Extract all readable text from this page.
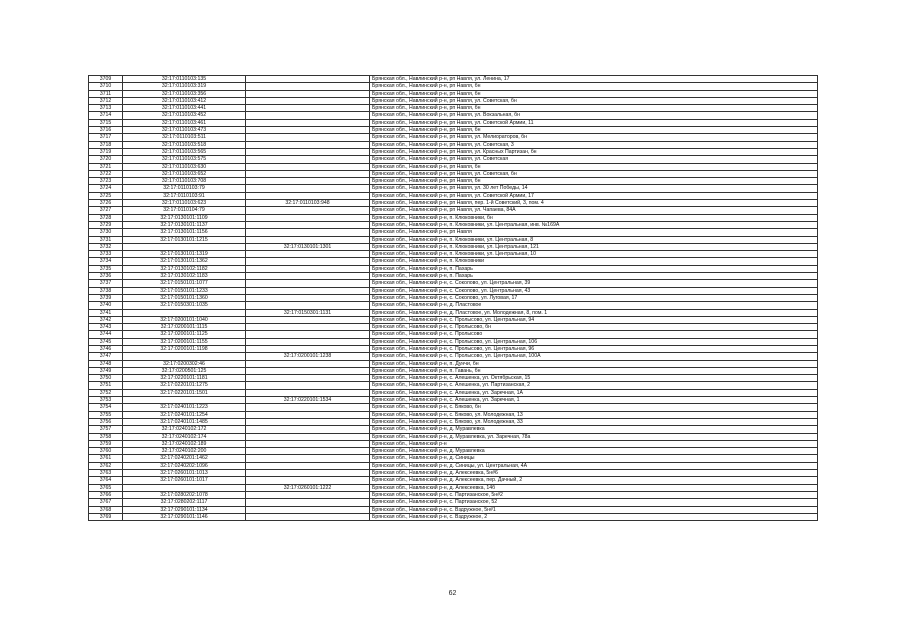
3709	32:17:0110103:135		Брянская обл., Навлинский р-н, рп Навля, ул. Ленина, 17
3710	32:17:0110103:319		Брянская обл., Навлинский р-н, рп Навля, бн
3711	32:17:0110103:356		Брянская обл., Навлинский р-н, рп Навля, бн
3712	32:17:0110103:412		Брянская обл., Навлинский р-н, рп Навля, ул. Советская, бн
3713	32:17:0110103:441		Брянская обл., Навлинский р-н, рп Навля, бн
3714	32:17:0110103:452		Брянская обл., Навлинский р-н, рп Навля, ул. Вокзальная, бн
3715	32:17:0110103:461		Брянская обл., Навлинский р-н, рп Навля, ул. Советской Армии, 11
3716	32:17:0110103:473		Брянская обл., Навлинский р-н, рп Навля, бн
3717	32:17:0110103:511		Брянская обл., Навлинский р-н, рп Навля, ул. Мелиораторов, бн
3718	32:17:0110103:518		Брянская обл., Навлинский р-н, рп Навля, ул. Советская, 3
3719	32:17:0110103:565		Брянская обл., Навлинский р-н, рп Навля, ул. Красных Партизан, бн
3720	32:17:0110103:575		Брянская обл., Навлинский р-н, рп Навля, ул. Советская
3721	32:17:0110103:630		Брянская обл., Навлинский р-н, рп Навля, бн
3722	32:17:0110103:652		Брянская обл., Навлинский р-н, рп Навля, ул. Советская, бн
3723	32:17:0110103:708		Брянская обл., Навлинский р-н, рп Навля, бн
3724	32:17:0110103:79		Брянская обл., Навлинский р-н, рп Навля, ул. 30 лет Победы, 14
3725	32:17:0110103:91		Брянская обл., Навлинский р-н, рп Навля, ул. Советской Армии, 17
3726	32:17:0110103:623	32:17:0110103:948	Брянская обл., Навлинский р-н, рп Навля, пер. 1-й Советский, 3, пом. 4
3727	32:17:0110104:79		Брянская обл., Навлинский р-н, рп Навля, ул. Чапаева, 84А
3728	32:17:0130101:1109		Брянская обл., Навлинский р-н, п. Клюковники, бн
3729	32:17:0130101:1137		Брянская обл., Навлинский р-н, п. Клюковники, ул. Центральная, инв. №169А
3730	32:17:0130101:1156		Брянская обл., Навлинский р-н, рп Навля
3731	32:17:0130101:1215		Брянская обл., Навлинский р-н, п. Клюковники, ул. Центральная, 8
3732		32:17:0130101:1301	Брянская обл., Навлинский р-н, п. Клюковники, ул. Центральная, 121
3733	32:17:0130101:1319		Брянская обл., Навлинский р-н, п. Клюковники, ул. Центральная, 10
3734	32:17:0130101:1362		Брянская обл., Навлинский р-н, п. Клюковники
3735	32:17:0130102:1182		Брянская обл., Навлинский р-н, п. Пахарь
3736	32:17:0130102:1183		Брянская обл., Навлинский р-н, п. Пахарь
3737	32:17:0150101:1077		Брянская обл., Навлинский р-н, с. Соколово, ул. Центральная, 39
3738	32:17:0150101:1233		Брянская обл., Навлинский р-н, с. Соколово, ул. Центральная, 43
3739	32:17:0150101:1360		Брянская обл., Навлинский р-н, с. Соколово, ул. Луговая, 17
3740	32:17:0150301:1035		Брянская обл., Навлинский р-н, д. Пластовое
3741		32:17:0150301:1131	Брянская обл., Навлинский р-н, д. Пластовое, ул. Молодежная, 8, пом. 1
3742	32:17:0200101:1040		Брянская обл., Навлинский р-н, с. Пролысово, ул. Центральная, 94
3743	32:17:0200101:1115		Брянская обл., Навлинский р-н, с. Пролысово, бн
3744	32:17:0200101:1125		Брянская обл., Навлинский р-н, с. Пролысово
3745	32:17:0200101:1155		Брянская обл., Навлинский р-н, с. Пролысово, ул. Центральная, 106
3746	32:17:0200101:1198		Брянская обл., Навлинский р-н, с. Пролысово, ул. Центральная, 96
3747		32:17:0200101:1238	Брянская обл., Навлинский р-н, с. Пролысово, ул. Центральная, 100А
3748	32:17:0200302:46		Брянская обл., Навлинский р-н, п. Дунчи, бн
3749	32:17:0200501:125		Брянская обл., Навлинский р-н, п. Гавань, бн
3750	32:17:0220101:1181		Брянская обл., Навлинский р-н, с. Алешенка, ул. Октябрьская, 15
3751	32:17:0220101:1275		Брянская обл., Навлинский р-н, с. Алешенка, ул. Партизанская, 2
3752	32:17:0220101:1501		Брянская обл., Навлинский р-н, с. Алешенка, ул. Заречная, 1А
3753		32:17:0220101:1534	Брянская обл., Навлинский р-н, с. Алешенка, ул. Заречная, 1
3754	32:17:0240101:1223		Брянская обл., Навлинский р-н, с. Бяково, бн
3755	32:17:0240101:1254		Брянская обл., Навлинский р-н, с. Бяково, ул. Молодежная, 13
3756	32:17:0240101:1485		Брянская обл., Навлинский р-н, с. Бяково, ул. Молодежная, 33
3757	32:17:0240102:172		Брянская обл., Навлинский р-н, д. Муравлевка
3758	32:17:0240102:174		Брянская обл., Навлинский р-н, д. Муравлевка, ул. Заречная, 78а
3759	32:17:0240102:189		Брянская обл., Навлинский р-н
3760	32:17:0240102:200		Брянская обл., Навлинский р-н, д. Муравлевка
3761	32:17:0240201:1462		Брянская обл., Навлинский р-н, д. Синицы
3762	32:17:0240202:1096		Брянская обл., Навлинский р-н, д. Синицы, ул. Центральная, 4А
3763	32:17:0260101:1013		Брянская обл., Навлинский р-н, д. Алексеевка, 5н#6
3764	32:17:0260101:1017		Брянская обл., Навлинский р-н, д. Алексеевка, пер. Дачный, 2
3765		32:17:0260101:1222	Брянская обл., Навлинский р-н, д. Алексеевка, 14б
3766	32:17:0280202:1078		Брянская обл., Навлинский р-н, с. Партизанское, 5н#2
3767	32:17:0280202:1117		Брянская обл., Навлинский р-н, с. Партизанское, 52
3768	32:17:0290101:1134		Брянская обл., Навлинский р-н, с. Вздружное, 5н#1
3769	32:17:0290101:1146		Брянская обл., Навлинский р-н, с. Вздружное, 2
62
